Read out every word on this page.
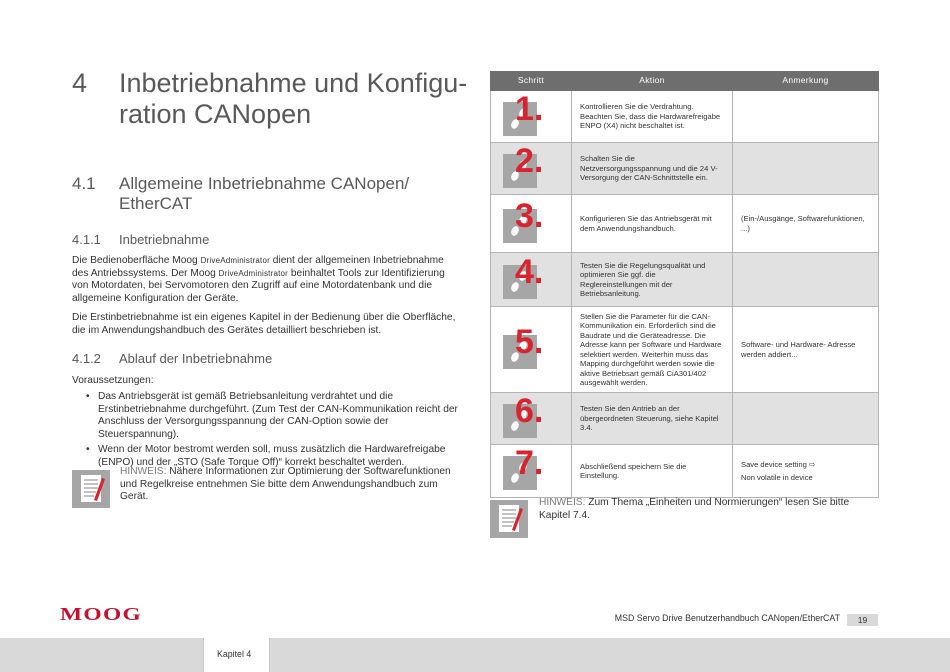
4 Inbetriebnahme und Konfigu-ration CANopen
4.1 Allgemeine Inbetriebnahme CANopen/ EtherCAT
4.1.1 Inbetriebnahme
Die Bedienoberfläche Moog DriveAdministrator dient der allgemeinen Inbetriebnahme des Antriebssystems. Der Moog DriveAdministrator beinhaltet Tools zur Identifizierung von Motordaten, bei Servomotoren den Zugriff auf eine Motordatenbank und die allgemeine Konfiguration der Geräte.
Die Erstinbetriebnahme ist ein eigenes Kapitel in der Bedienung über die Oberfläche, die im Anwendungshandbuch des Gerätes detailliert beschrieben ist.
4.1.2 Ablauf der Inbetriebnahme
Voraussetzungen:
• Das Antriebsgerät ist gemäß Betriebsanleitung verdrahtet und die Erstinbetriebnahme durchgeführt. (Zum Test der CAN-Kommunikation reicht der Anschluss der Versorgungsspannung der CAN-Option sowie der Steuerspannung).
• Wenn der Motor bestromt werden soll, muss zusätzlich die Hardwarefreigabe (ENPO) und der „STO (Safe Torque Off)“ korrekt beschaltet werden.
HINWEIS: Nähere Informationen zur Optimierung der Softwarefunktionen und Regelkreise entnehmen Sie bitte dem Anwendungshandbuch zum Gerät.
Schritt	Aktion	Anmerkung

1.	Kontrollieren Sie die Verdrahtung. Beachten Sie, dass die Hardwarefreigabe ENPO (X4) nicht beschaltet ist.	

2.	Schalten Sie die Netzversorgungsspannung und die 24 V-Versorgung der CAN-Schnittstelle ein.	

3.	Konfigurieren Sie das Antriebsgerät mit dem Anwendungshandbuch.	(Ein-/Ausgänge, Softwarefunktionen, ...)

4.	Testen Sie die Regelungsqualität und optimieren Sie ggf. die Reglereinstellungen mit der Betriebsanleitung.	

5.	Stellen Sie die Parameter für die CAN-Kommunikation ein. Erforderlich sind die Baudrate und die Geräteadresse. Die Adresse kann per Software und Hardware selektiert werden. Weiterhin muss das Mapping durchgeführt werden sowie die aktive Betriebsart gemäß CiA301/402 ausgewählt werden.	Software- und Hardware- Adresse werden addiert...

6.	Testen Sie den Antrieb an der übergeordneten Steuerung, siehe Kapitel 3.4.	

7.	Abschließend speichern Sie die Einstellung.	Save device setting ⇨
Non volatile in device
HINWEIS: Zum Thema „Einheiten und Normierungen“ lesen Sie bitte Kapitel 7.4.
MOOG	MSD Servo Drive Benutzerhandbuch CANopen/EtherCAT	19
Kapitel 4
